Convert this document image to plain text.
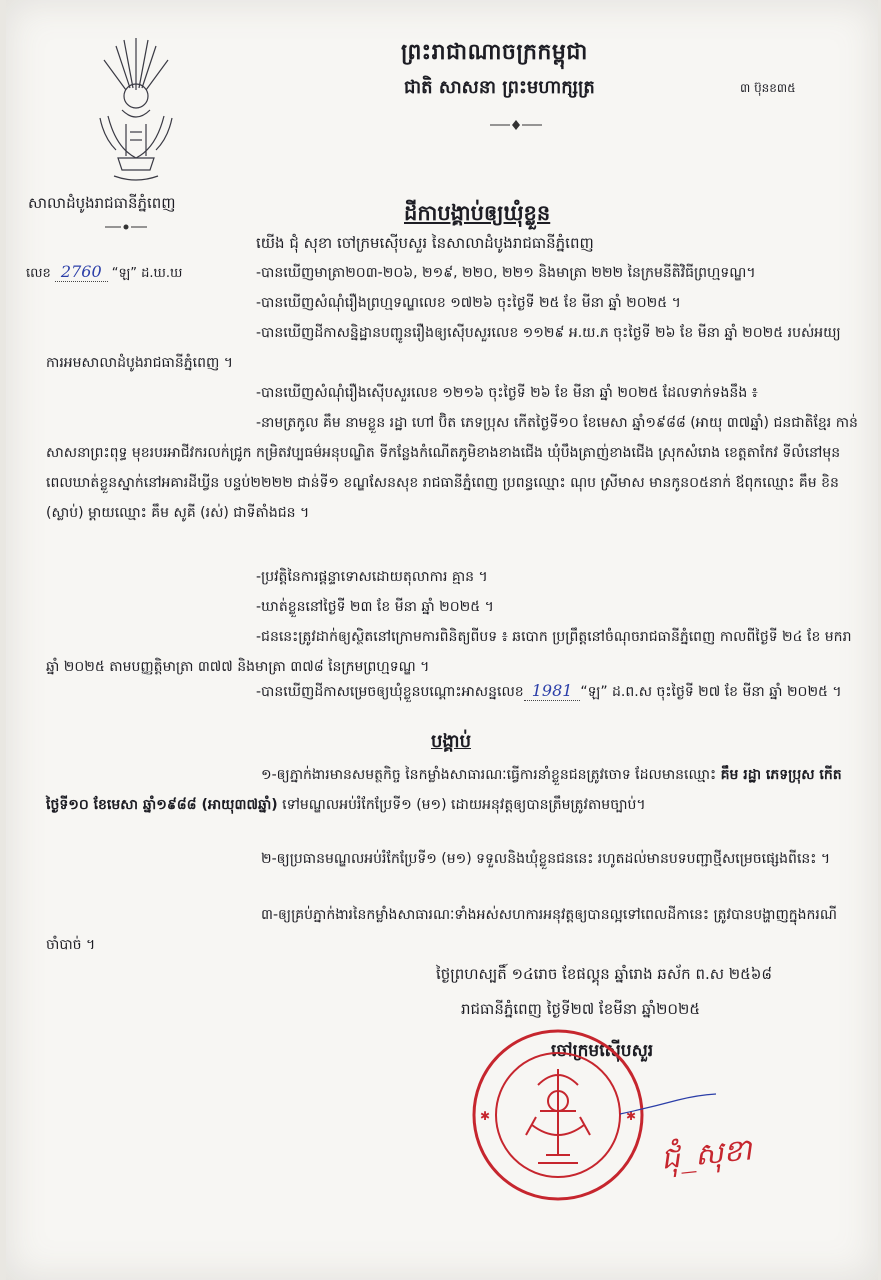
ព្រះរាជាណាចក្រកម្ពុជា
ជាតិ សាសនា ព្រះមហាក្សត្រ	៣ ប៊ុនខ៣៥
សាលាដំបូងរាជធានីភ្នំពេញ	ដីកាបង្គាប់ឲ្យឃុំខ្លួន
យើង ជុំ សុខា ចៅក្រមស៊ើបសួរ នៃសាលាដំបូងរាជធានីភ្នំពេញ
លេខ 2760 “ឡ” ដ.ឃ.ឃ	-បានឃើញមាត្រា២០៣-២០៦, ២១៩, ២២០, ២២១ និងមាត្រា ២២២ នៃក្រមនីតិវិធីព្រហ្មទណ្ឌ។
-បានឃើញសំណុំរឿងព្រហ្មទណ្ឌលេខ ១៧២៦ ចុះថ្ងៃទី ២៥ ខែ មីនា ឆ្នាំ ២០២៥ ។
-បានឃើញដីកាសន្និដ្ឋានបញ្ជូនរឿងឲ្យស៊ើបសួរលេខ ១១២៩ អ.យ.ភ ចុះថ្ងៃទី ២៦ ខែ មីនា ឆ្នាំ ២០២៥ របស់អយ្យការអមសាលាដំបូងរាជធានីភ្នំពេញ ។
-បានឃើញសំណុំរឿងស៊ើបសួរលេខ ១២១៦ ចុះថ្ងៃទី ២៦ ខែ មីនា ឆ្នាំ ២០២៥ ដែលទាក់ទងនឹង ៖
-នាមត្រកូល គឹម នាមខ្លួន រដ្ឋា ហៅ ប៊ិត ភេទប្រុស កើតថ្ងៃទី១០ ខែមេសា ឆ្នាំ១៩៨៨ (អាយុ ៣៧ឆ្នាំ) ជនជាតិខ្មែរ កាន់សាសនាព្រះពុទ្ធ មុខរបរអាជីវករលក់ជ្រូក កម្រិតវប្បធម៌អនុបណ្ឌិត ទីកន្លែងកំណើតភូមិខាងខាងជើង ឃុំបឹងត្រាញ់ខាងជើង ស្រុកសំរោង ខេត្តតាកែវ ទីលំនៅមុនពេលឃាត់ខ្លួនស្នាក់នៅអគារដីឃ្វីន បន្ទប់២២២២ ជាន់ទី១ ខណ្ឌសែនសុខ រាជធានីភ្នំពេញ ប្រពន្ធឈ្មោះ ណុប ស្រីមាស មានកូន០៥នាក់ ឪពុកឈ្មោះ គឹម ខិន (ស្លាប់) ម្តាយឈ្មោះ គឹម សូគី (រស់) ជាទីតាំងជន ។
-ប្រវត្តិនៃការផ្តន្ទាទោសដោយតុលាការ គ្មាន ។
-ឃាត់ខ្លួននៅថ្ងៃទី ២៣ ខែ មីនា ឆ្នាំ ២០២៥ ។
-ជននេះត្រូវដាក់ឲ្យស្ថិតនៅក្រោមការពិនិត្យពីបទ ៖ ឆបោក ប្រព្រឹត្តនៅចំណុចរាជធានីភ្នំពេញ កាលពីថ្ងៃទី ២៤ ខែ មករា ឆ្នាំ ២០២៥ តាមបញ្ញត្តិមាត្រា ៣៧៧ និងមាត្រា ៣៧៨ នៃក្រមព្រហ្មទណ្ឌ ។
-បានឃើញដីកាសម្រេចឲ្យឃុំខ្លួនបណ្តោះអាសន្នលេខ 1981 “ឡ” ដ.ព.ស ចុះថ្ងៃទី ២៧ ខែ មីនា ឆ្នាំ ២០២៥ ។
បង្គាប់
១-ឲ្យភ្នាក់ងារមានសមត្ថកិច្ច នៃកម្លាំងសាធារណៈធ្វើការនាំខ្លួនជនត្រូវចោទ ដែលមានឈ្មោះ គឹម រដ្ឋា ភេទប្រុស កើតថ្ងៃទី១០ ខែមេសា ឆ្នាំ១៩៨៨ (អាយុ៣៧ឆ្នាំ) ទៅមណ្ឌលអប់រំកែប្រែទី១ (ម១) ដោយអនុវត្តឲ្យបានត្រឹមត្រូវតាមច្បាប់។
២-ឲ្យប្រធានមណ្ឌលអប់រំកែប្រែទី១ (ម១) ទទួលនិងឃុំខ្លួនជននេះ រហូតដល់មានបទបញ្ជាថ្មីសម្រេចផ្សេងពីនេះ ។
៣-ឲ្យគ្រប់ភ្នាក់ងារនៃកម្លាំងសាធារណៈទាំងអស់សហការអនុវត្តឲ្យបានល្អទៅពេលដីកានេះ ត្រូវបានបង្ហាញក្នុងករណីចាំបាច់ ។
ថ្ងៃព្រហស្បតិ៍ ១៤រោច ខែផល្គុន ឆ្នាំរោង ឆស័ក ព.ស ២៥៦៨
រាជធានីភ្នំពេញ ថ្ងៃទី២៧ ខែមីនា ឆ្នាំ២០២៥
ចៅក្រមស៊ើបសួរ
✱	✱
ជុំ_សុខា
